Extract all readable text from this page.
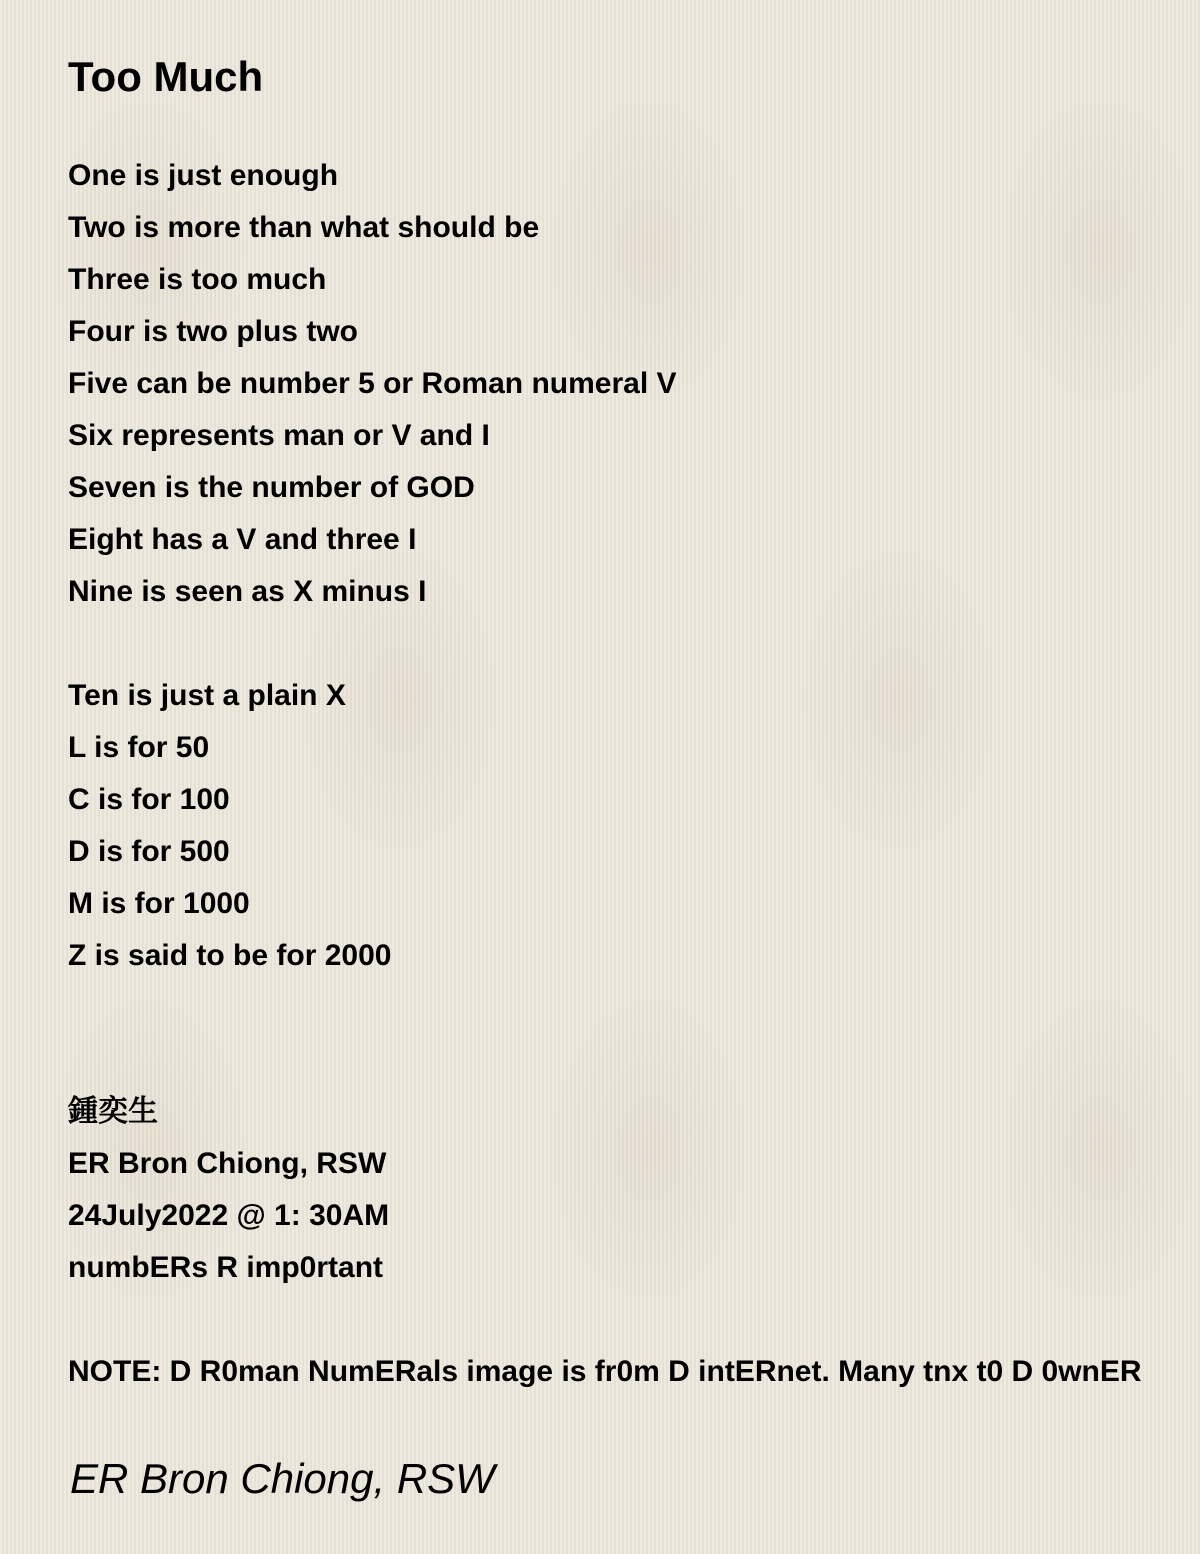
Too Much
One is just enough
Two is more than what should be
Three is too much
Four is two plus two
Five can be number 5 or Roman numeral V
Six represents man or V and I
Seven is the number of GOD
Eight has a V and three I
Nine is seen as X minus I
Ten is just a plain X
L is for 50
C is for 100
D is for 500
M is for 1000
Z is said to be for 2000
鍾奕生
ER Bron Chiong, RSW
24July2022 @ 1: 30AM
numbERs R imp0rtant
NOTE: D R0man NumERals image is fr0m D intERnet. Many tnx t0 D 0wnER
ER Bron Chiong, RSW
